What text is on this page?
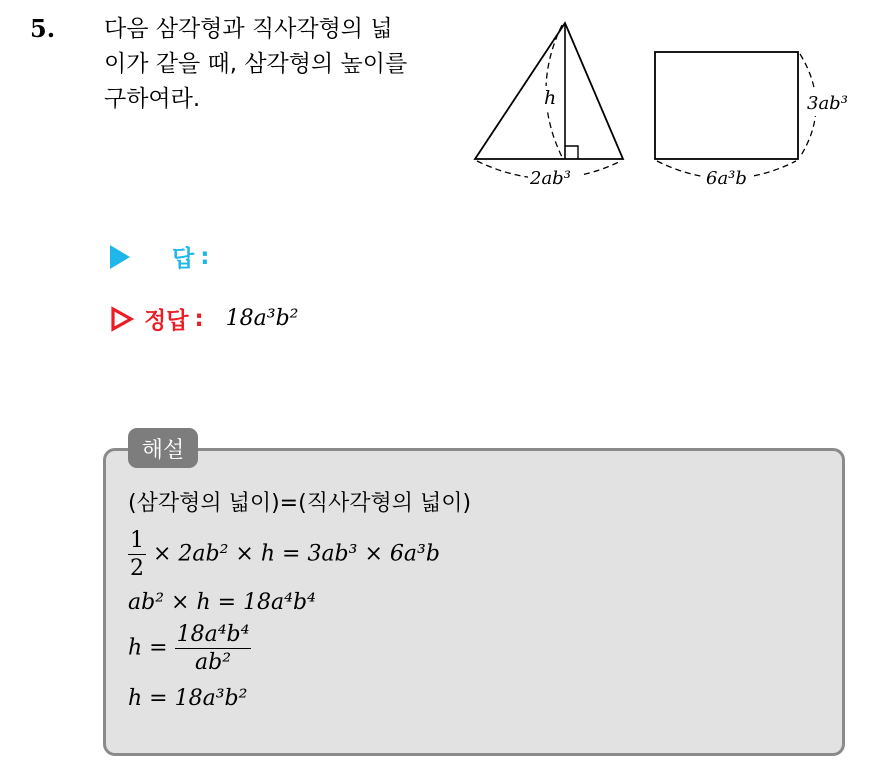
5. 다음 삼각형과 직사각형의 넓
이가 같을 때, 삼각형의 높이를
구하여라.	h
2ab³
3ab³
6a³b
답 :
정답 : 18a³b²
해설
(삼각형의 넓이)=(직사각형의 넓이)
$\frac{1}{2} \times 2ab^2 \times h = 3ab^3 \times 6a^3b$
ab² × h = 18a⁴b⁴
$h = \frac{\text{18a⁴b⁴}}{\text{ab²}}$
h = 18a³b²
